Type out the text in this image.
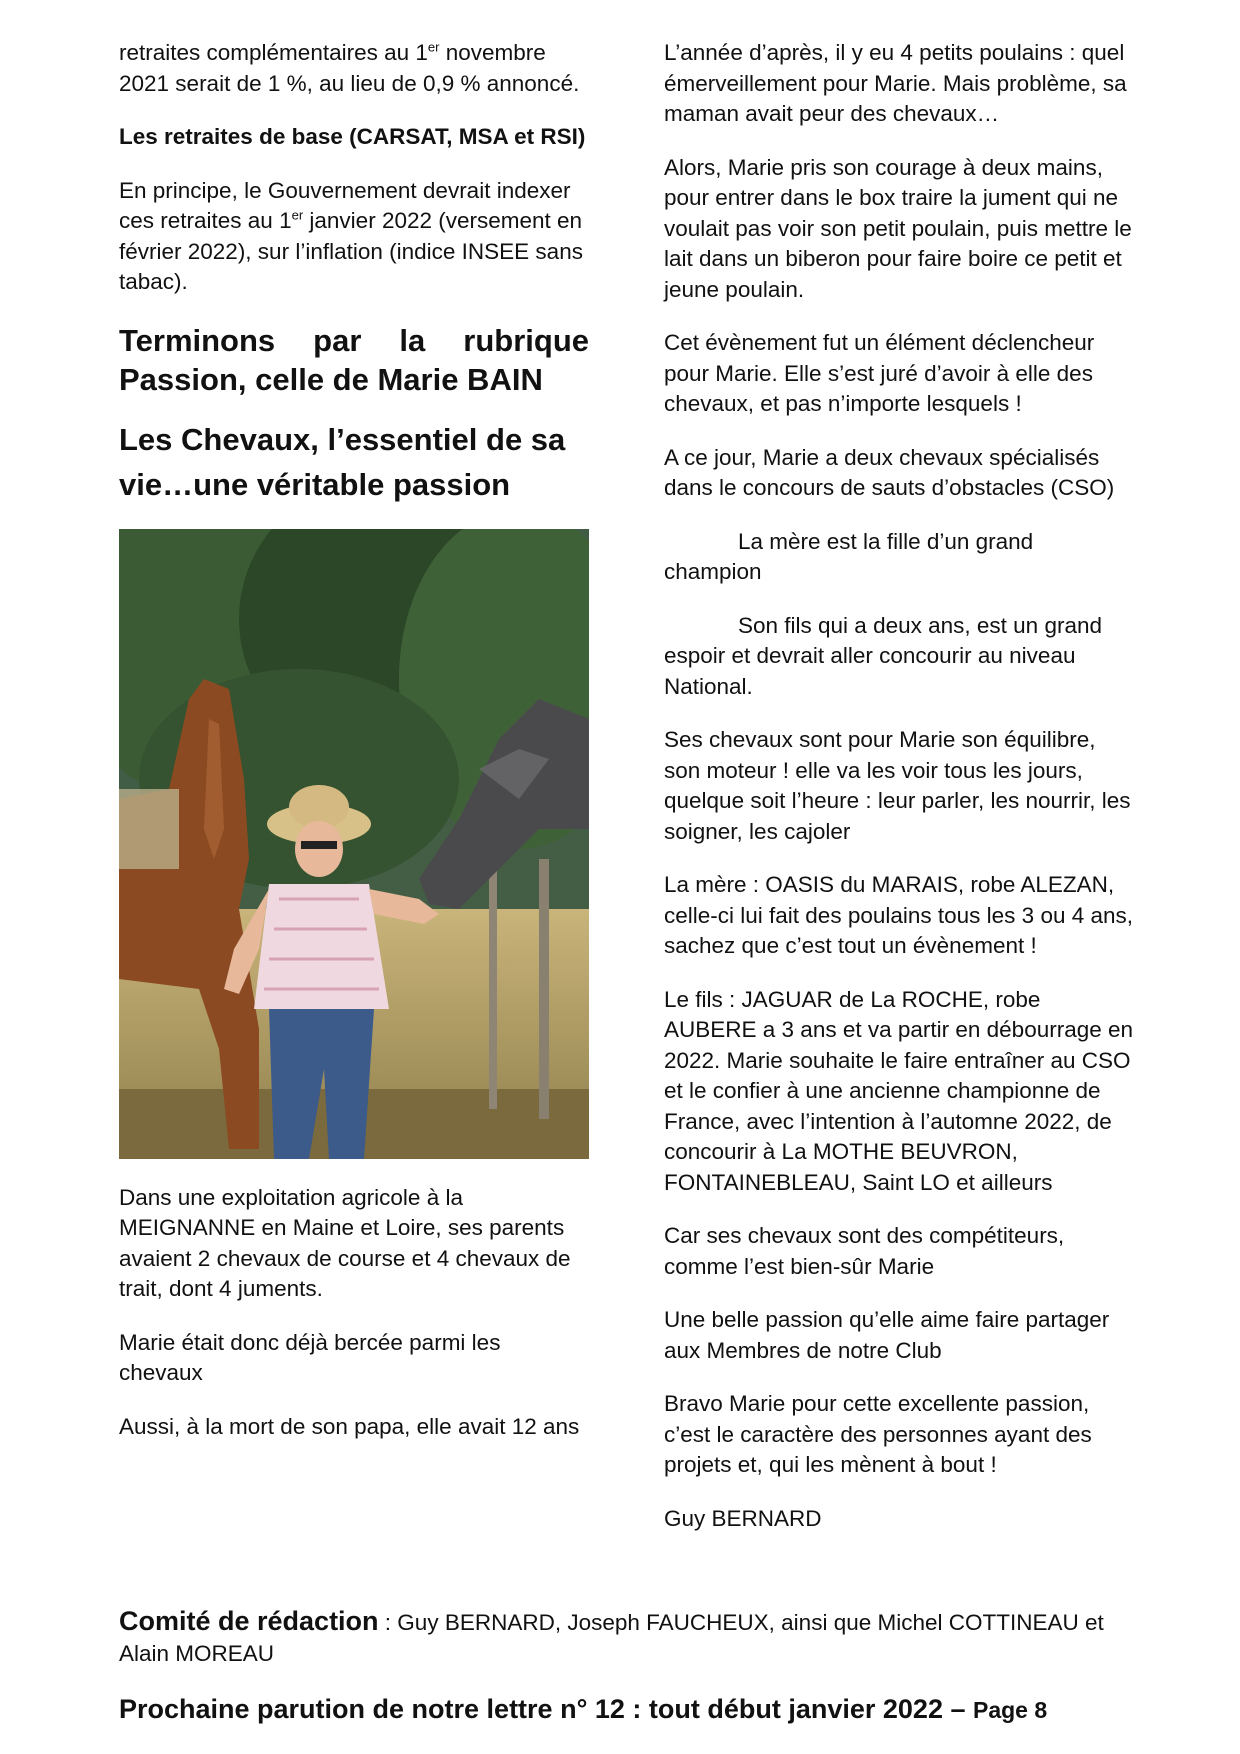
retraites complémentaires au 1er novembre 2021 serait de 1 %, au lieu de 0,9 % annoncé.

Les retraites de base (CARSAT, MSA et RSI)

En principe, le Gouvernement devrait indexer ces retraites au 1er janvier 2022 (versement en février 2022), sur l’inflation (indice INSEE sans tabac).

Terminons par la rubrique Passion, celle de Marie BAIN
Les Chevaux, l’essentiel de sa vie…une véritable passion

Dans une exploitation agricole à la MEIGNANNE en Maine et Loire, ses parents avaient 2 chevaux de course et 4 chevaux de trait, dont 4 juments.

Marie était donc déjà bercée parmi les chevaux

Aussi, à la mort de son papa, elle avait 12 ans

L’année d’après, il y eu 4 petits poulains : quel émerveillement pour Marie. Mais problème, sa maman avait peur des chevaux…

Alors, Marie pris son courage à deux mains, pour entrer dans le box traire la jument qui ne voulait pas voir son petit poulain, puis mettre le lait dans un biberon pour faire boire ce petit et jeune poulain.

Cet évènement fut un élément déclencheur pour Marie. Elle s’est juré d’avoir à elle des chevaux, et pas n’importe lesquels !

A ce jour, Marie a deux chevaux spécialisés dans le concours de sauts d’obstacles (CSO)

La mère est la fille d’un grand champion

Son fils qui a deux ans, est un grand espoir et devrait aller concourir au niveau National.

Ses chevaux sont pour Marie son équilibre, son moteur ! elle va les voir tous les jours, quelque soit l’heure : leur parler, les nourrir, les soigner, les cajoler

La mère : OASIS du MARAIS, robe ALEZAN, celle-ci lui fait des poulains tous les 3 ou 4 ans, sachez que c’est tout un évènement !

Le fils : JAGUAR de La ROCHE, robe AUBERE a 3 ans et va partir en débourrage en 2022. Marie souhaite le faire entraîner au CSO et le confier à une ancienne championne de France, avec l’intention à l’automne 2022, de concourir à La MOTHE BEUVRON, FONTAINEBLEAU, Saint LO et ailleurs

Car ses chevaux sont des compétiteurs, comme l’est bien-sûr Marie

Une belle passion qu’elle aime faire partager aux Membres de notre Club

Bravo Marie pour cette excellente passion, c’est le caractère des personnes ayant des projets et, qui les mènent à bout !

Guy BERNARD

Comité de rédaction : Guy BERNARD, Joseph FAUCHEUX, ainsi que Michel COTTINEAU et Alain MOREAU
Prochaine parution de notre lettre n° 12 : tout début janvier 2022 – Page 8
